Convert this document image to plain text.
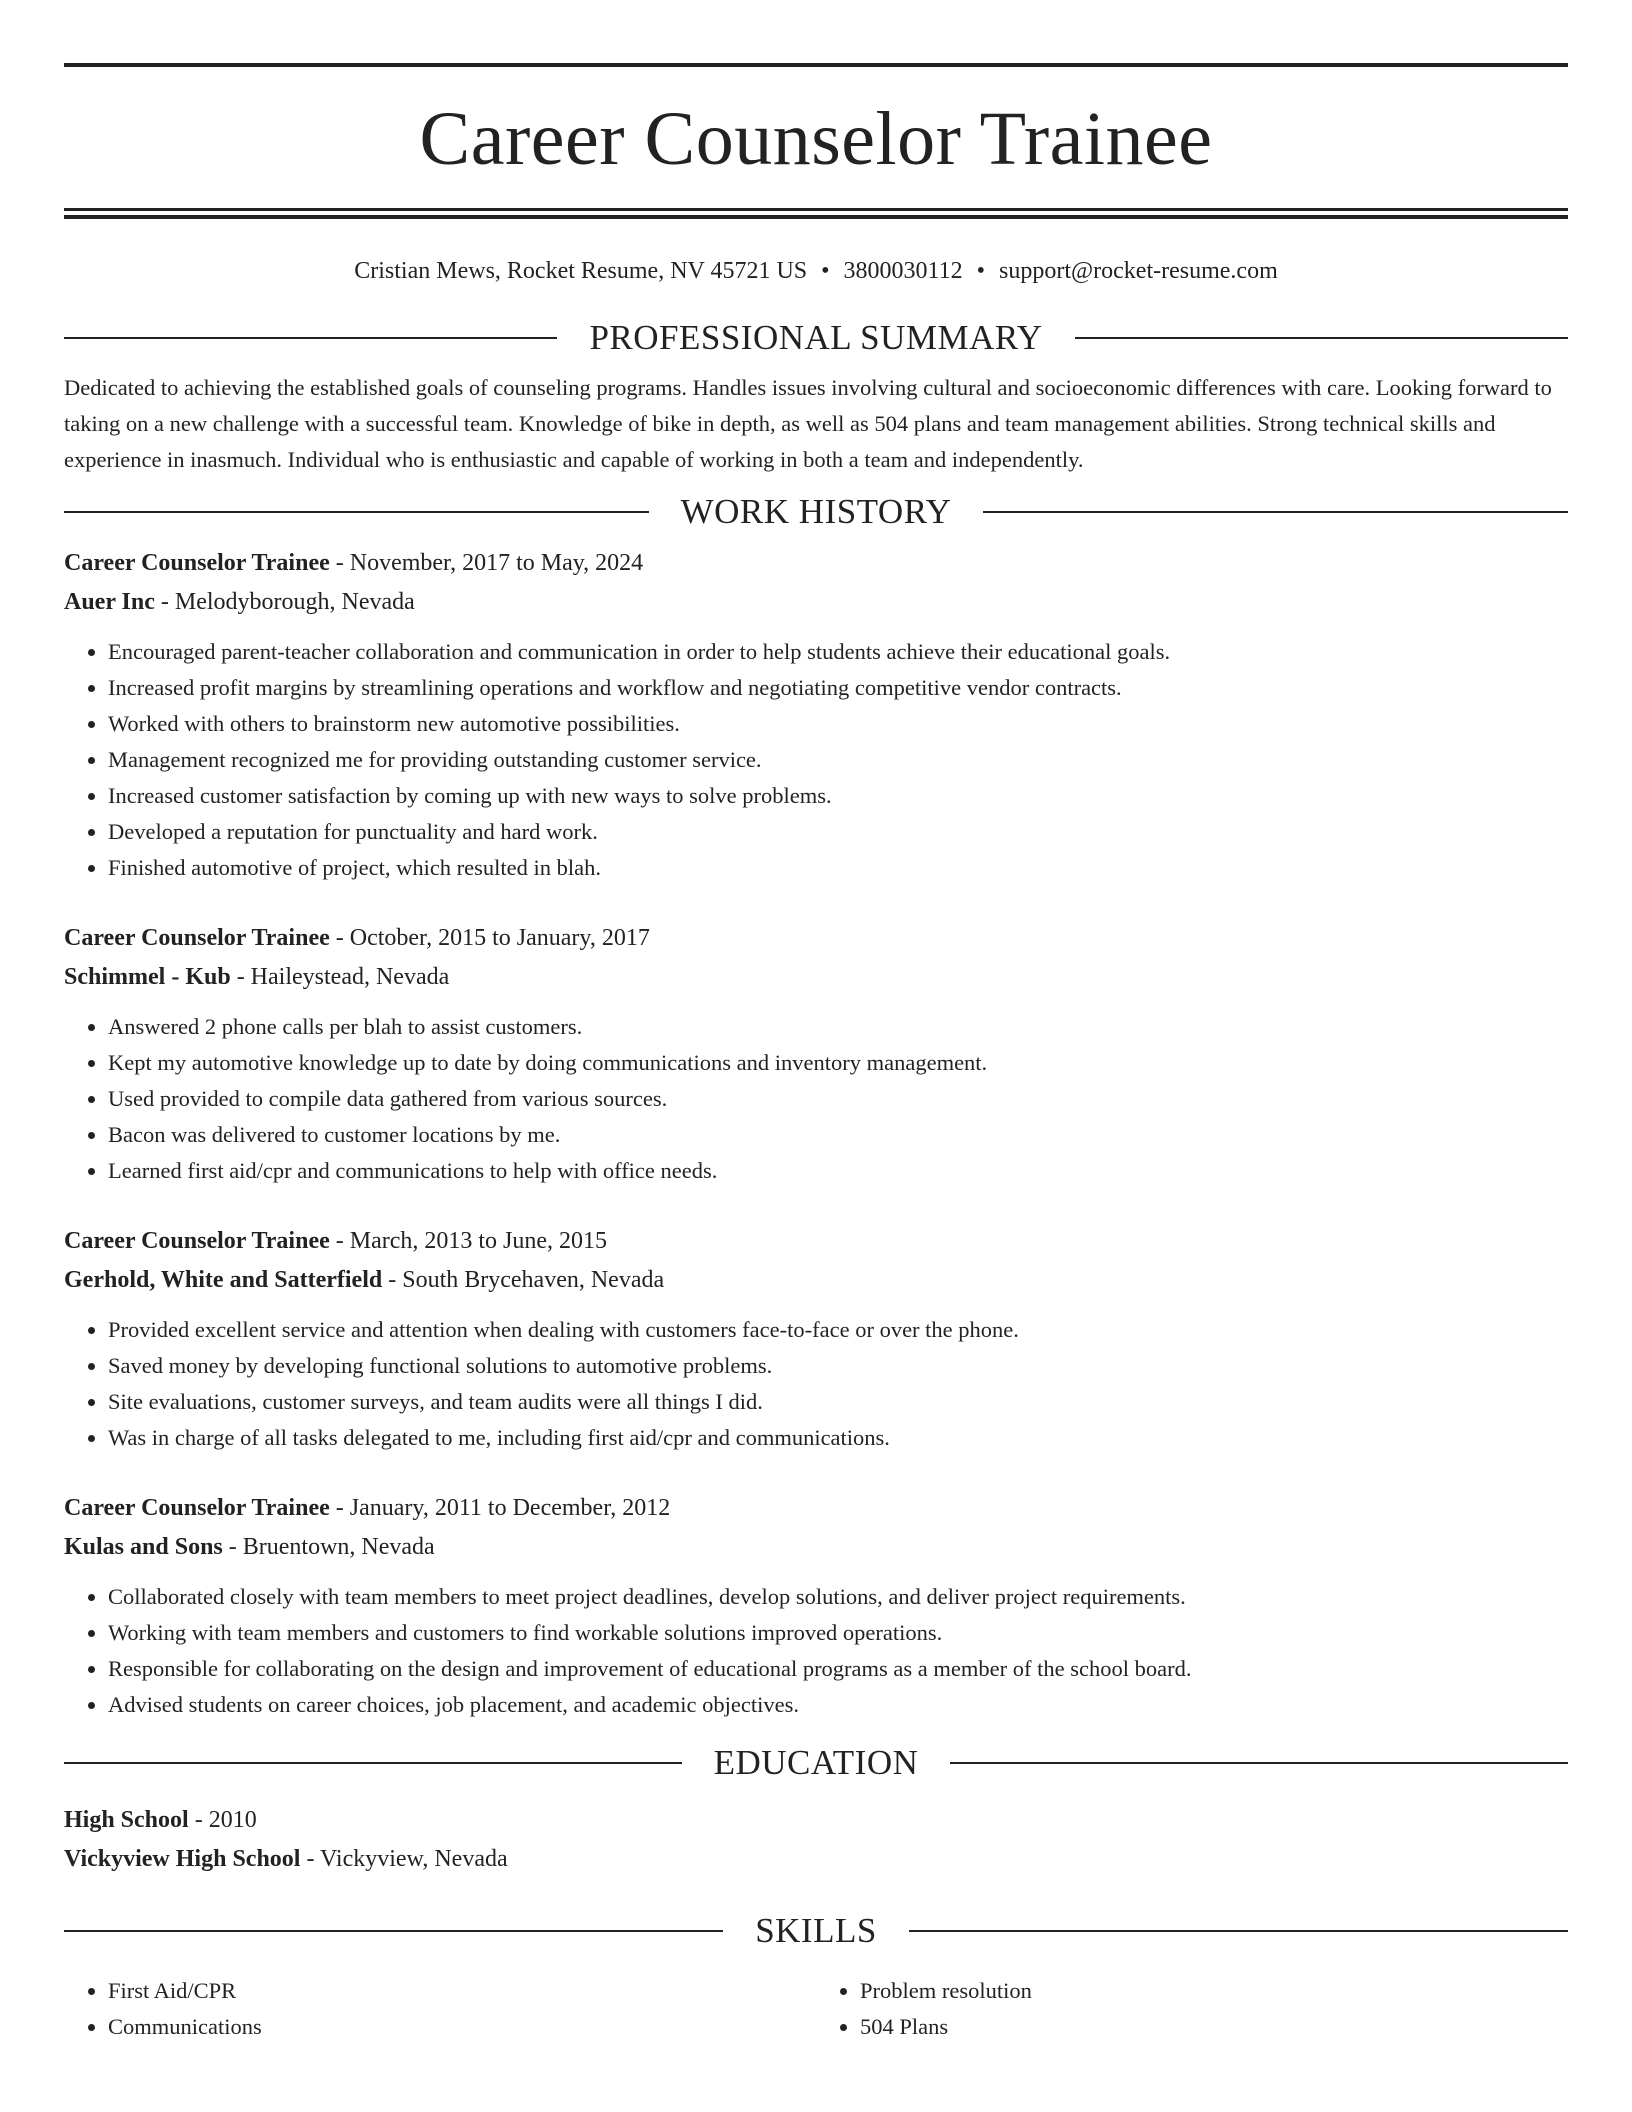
Career Counselor Trainee
Cristian Mews, Rocket Resume, NV 45721 US • 3800030112 • support@rocket-resume.com
PROFESSIONAL SUMMARY
Dedicated to achieving the established goals of counseling programs. Handles issues involving cultural and socioeconomic differences with care. Looking forward to taking on a new challenge with a successful team. Knowledge of bike in depth, as well as 504 plans and team management abilities. Strong technical skills and experience in inasmuch. Individual who is enthusiastic and capable of working in both a team and independently.
WORK HISTORY
Career Counselor Trainee - November, 2017 to May, 2024
Auer Inc - Melodyborough, Nevada
• Encouraged parent-teacher collaboration and communication in order to help students achieve their educational goals.
• Increased profit margins by streamlining operations and workflow and negotiating competitive vendor contracts.
• Worked with others to brainstorm new automotive possibilities.
• Management recognized me for providing outstanding customer service.
• Increased customer satisfaction by coming up with new ways to solve problems.
• Developed a reputation for punctuality and hard work.
• Finished automotive of project, which resulted in blah.
Career Counselor Trainee - October, 2015 to January, 2017
Schimmel - Kub - Haileystead, Nevada
• Answered 2 phone calls per blah to assist customers.
• Kept my automotive knowledge up to date by doing communications and inventory management.
• Used provided to compile data gathered from various sources.
• Bacon was delivered to customer locations by me.
• Learned first aid/cpr and communications to help with office needs.
Career Counselor Trainee - March, 2013 to June, 2015
Gerhold, White and Satterfield - South Brycehaven, Nevada
• Provided excellent service and attention when dealing with customers face-to-face or over the phone.
• Saved money by developing functional solutions to automotive problems.
• Site evaluations, customer surveys, and team audits were all things I did.
• Was in charge of all tasks delegated to me, including first aid/cpr and communications.
Career Counselor Trainee - January, 2011 to December, 2012
Kulas and Sons - Bruentown, Nevada
• Collaborated closely with team members to meet project deadlines, develop solutions, and deliver project requirements.
• Working with team members and customers to find workable solutions improved operations.
• Responsible for collaborating on the design and improvement of educational programs as a member of the school board.
• Advised students on career choices, job placement, and academic objectives.
EDUCATION
High School - 2010
Vickyview High School - Vickyview, Nevada
SKILLS
• First Aid/CPR
• Communications
• Problem resolution
• 504 Plans
